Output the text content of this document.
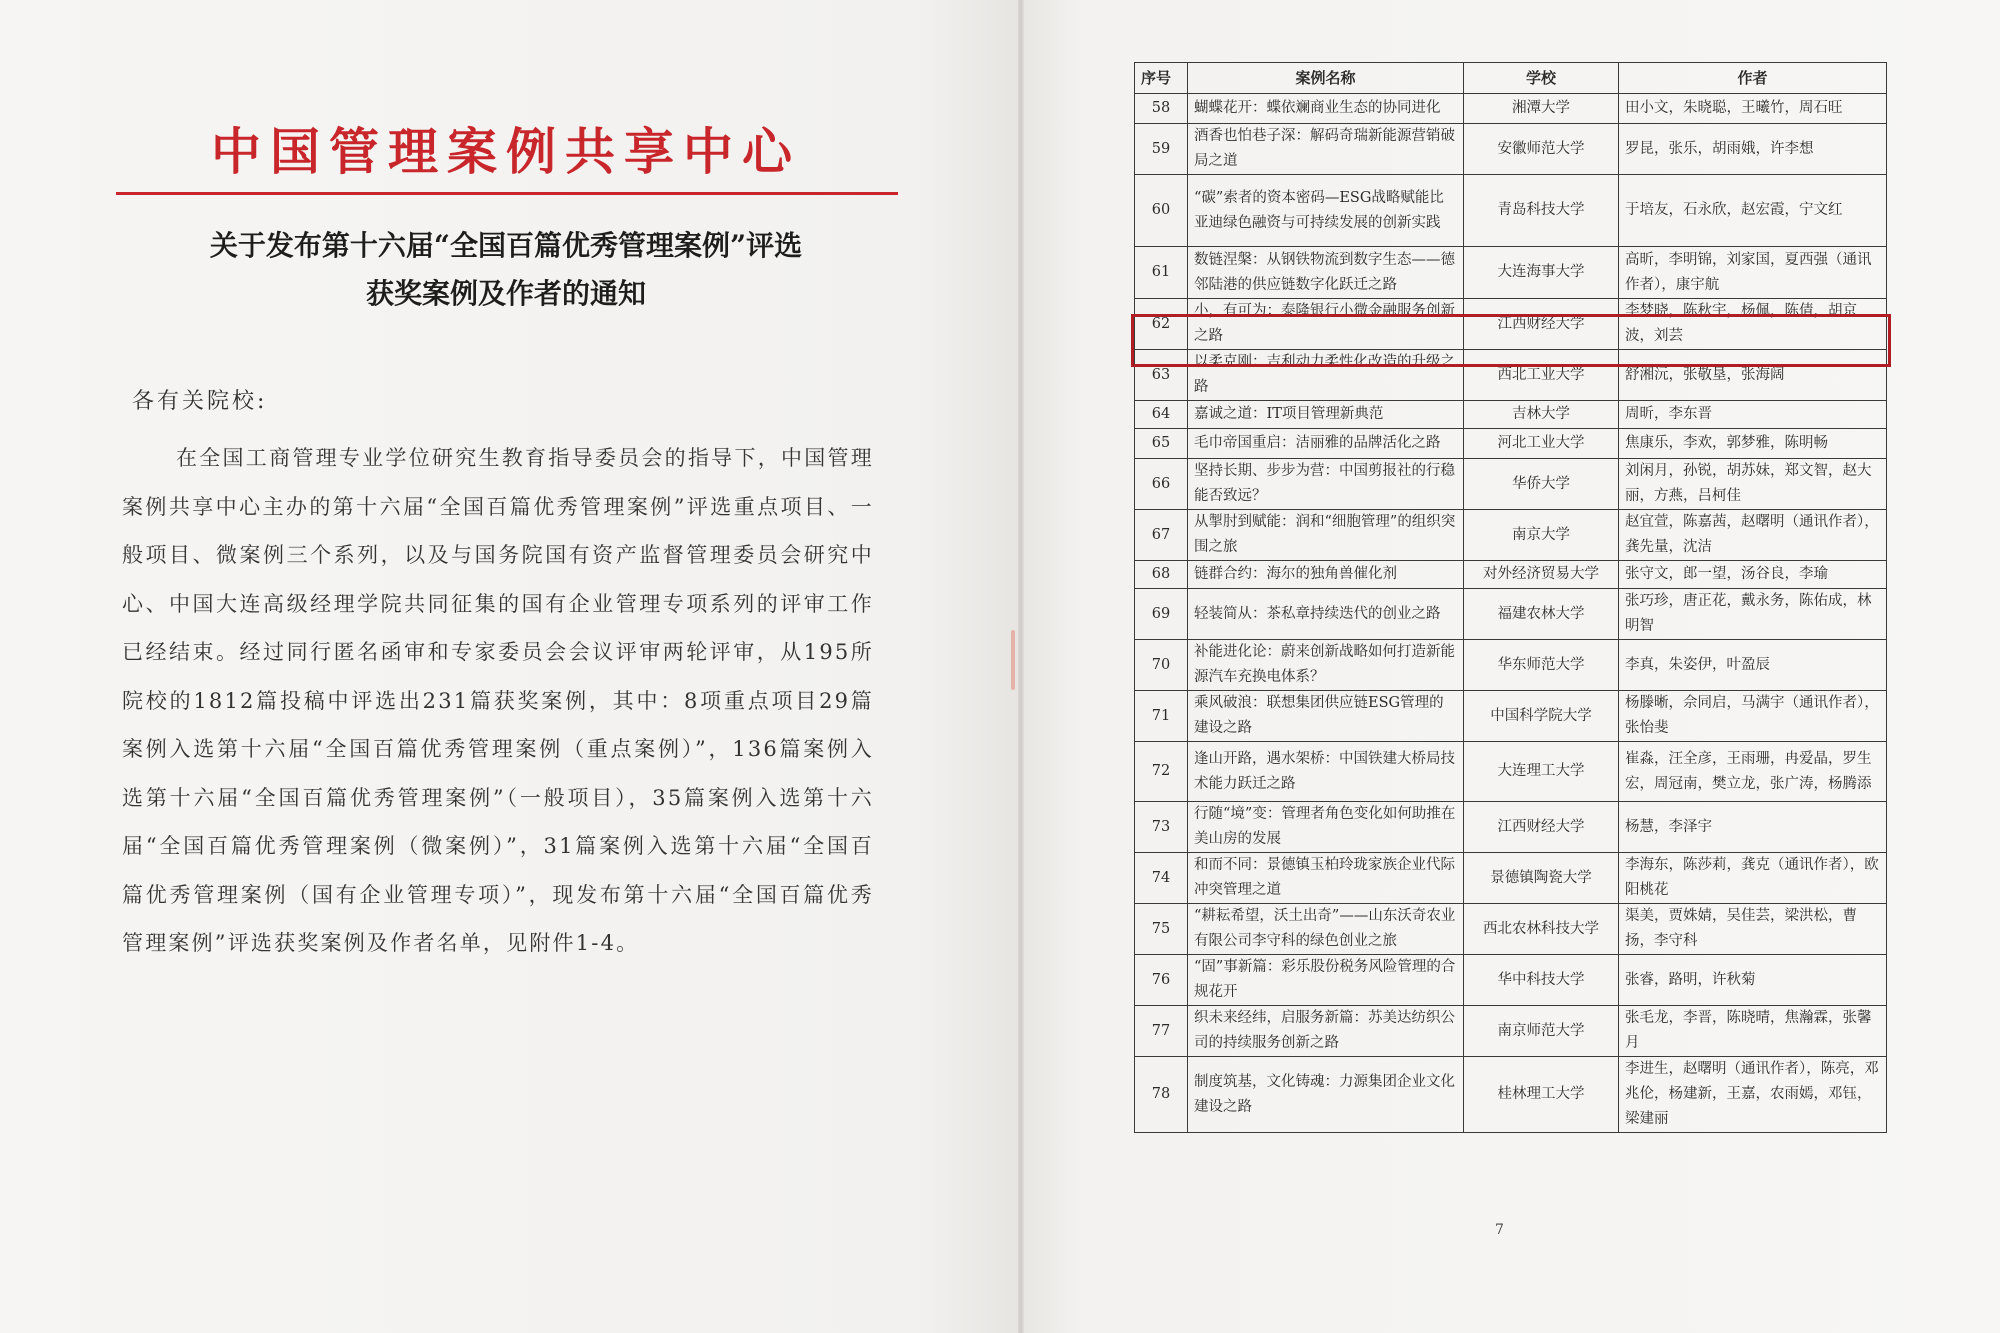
中国管理案例共享中心
关于发布第十六届“全国百篇优秀管理案例”评选
获奖案例及作者的通知
各有关院校:

在全国工商管理专业学位研究生教育指导委员会的指导下，中国管理案例共享中心主办的第十六届“全国百篇优秀管理案例”评选重点项目、一般项目、微案例三个系列，以及与国务院国有资产监督管理委员会研究中心、中国大连高级经理学院共同征集的国有企业管理专项系列的评审工作已经结束。经过同行匿名函审和专家委员会会议评审两轮评审，从195所院校的1812篇投稿中评选出231篇获奖案例，其中：8项重点项目29篇案例入选第十六届“全国百篇优秀管理案例（重点案例）”，136篇案例入选第十六届“全国百篇优秀管理案例”（一般项目），35篇案例入选第十六届“全国百篇优秀管理案例（微案例）”，31篇案例入选第十六届“全国百篇优秀管理案例（国有企业管理专项）”，现发布第十六届“全国百篇优秀管理案例”评选获奖案例及作者名单，见附件1-4。

序号	案例名称	学校	作者
58	蝴蝶花开：蝶依斓商业生态的协同进化	湘潭大学	田小文，朱晓聪，王曦竹，周石旺
59	酒香也怕巷子深：解码奇瑞新能源营销破局之道	安徽师范大学	罗昆，张乐，胡雨娥，许李想
60	“碳”索者的资本密码—ESG战略赋能比亚迪绿色融资与可持续发展的创新实践	青岛科技大学	于培友，石永欣，赵宏霞，宁文红
61	数链涅槃：从钢铁物流到数字生态——德邻陆港的供应链数字化跃迁之路	大连海事大学	高昕，李明锦，刘家国，夏西强（通讯作者），康宇航
62	小，有可为：泰隆银行小微金融服务创新之路	江西财经大学	李梦晓，陈秋宇，杨佩，陈倩，胡京波，刘芸
63	以柔克刚：吉利动力柔性化改造的升级之路	西北工业大学	舒湘沅，张敬垦，张海阔
64	嘉诚之道：IT项目管理新典范	吉林大学	周昕，李东晋
65	毛巾帝国重启：洁丽雅的品牌活化之路	河北工业大学	焦康乐，李欢，郭梦雅，陈明畅
66	坚持长期、步步为营：中国剪报社的行稳能否致远？	华侨大学	刘闲月，孙锐，胡苏妹，郑文智，赵大丽，方燕，吕柯佳
67	从掣肘到赋能：润和“细胞管理”的组织突围之旅	南京大学	赵宜萱，陈嘉茜，赵曙明（通讯作者），龚先量，沈洁
68	链群合约：海尔的独角兽催化剂	对外经济贸易大学	张守文，郎一望，汤谷良，李瑜
69	轻装简从：茶私章持续迭代的创业之路	福建农林大学	张巧珍，唐正花，戴永务，陈佑成，林明智
70	补能进化论：蔚来创新战略如何打造新能源汽车充换电体系？	华东师范大学	李真，朱姿伊，叶盈辰
71	乘风破浪：联想集团供应链ESG管理的建设之路	中国科学院大学	杨滕晰，佘同启，马满宇（通讯作者），张怡斐
72	逢山开路，遇水架桥：中国铁建大桥局技术能力跃迁之路	大连理工大学	崔淼，汪全彦，王雨珊，冉爱晶，罗生宏，周冠南，樊立龙，张广涛，杨腾添
73	行随“境”变：管理者角色变化如何助推在美山房的发展	江西财经大学	杨慧，李泽宇
74	和而不同：景德镇玉柏玲珑家族企业代际冲突管理之道	景德镇陶瓷大学	李海东，陈莎莉，龚克（通讯作者），欧阳桃花
75	“耕耘希望，沃土出奇”——山东沃奇农业有限公司李守科的绿色创业之旅	西北农林科技大学	渠美，贾姝婧，吴佳芸，梁洪松，曹扬，李守科
76	“固”事新篇：彩乐股份税务风险管理的合规花开	华中科技大学	张睿，路明，许秋菊
77	织未来经纬，启服务新篇：苏美达纺织公司的持续服务创新之路	南京师范大学	张毛龙，李晋，陈晓晴，焦瀚霖，张馨月
78	制度筑基，文化铸魂：力源集团企业文化建设之路	桂林理工大学	李进生，赵曙明（通讯作者），陈亮，邓兆伦，杨建新，王嘉，农雨嫣，邓钰，梁建丽
7
